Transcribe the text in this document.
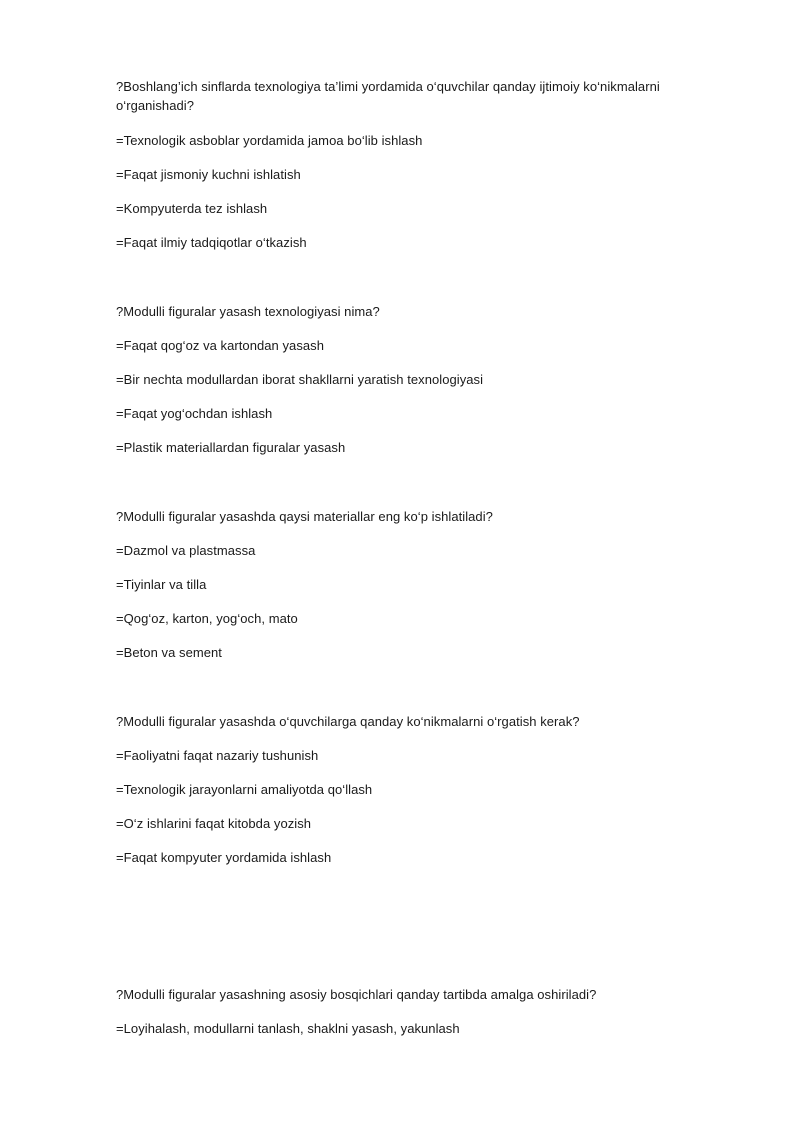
?Boshlang’ich sinflarda texnologiya ta’limi yordamida o‘quvchilar qanday ijtimoiy ko‘nikmalarni o‘rganishadi?
=Texnologik asboblar yordamida jamoa bo‘lib ishlash
=Faqat jismoniy kuchni ishlatish
=Kompyuterda tez ishlash
=Faqat ilmiy tadqiqotlar o‘tkazish
?Modulli figuralar yasash texnologiyasi nima?
=Faqat qog‘oz va kartondan yasash
=Bir nechta modullardan iborat shakllarni yaratish texnologiyasi
=Faqat yog‘ochdan ishlash
=Plastik materiallardan figuralar yasash
?Modulli figuralar yasashda qaysi materiallar eng ko‘p ishlatiladi?
=Dazmol va plastmassa
=Tiyinlar va tilla
=Qog‘oz, karton, yog‘och, mato
=Beton va sement
?Modulli figuralar yasashda o‘quvchilarga qanday ko‘nikmalarni o‘rgatish kerak?
=Faoliyatni faqat nazariy tushunish
=Texnologik jarayonlarni amaliyotda qo‘llash
=O‘z ishlarini faqat kitobda yozish
=Faqat kompyuter yordamida ishlash
?Modulli figuralar yasashning asosiy bosqichlari qanday tartibda amalga oshiriladi?
=Loyihalash, modullarni tanlash, shaklni yasash, yakunlash
